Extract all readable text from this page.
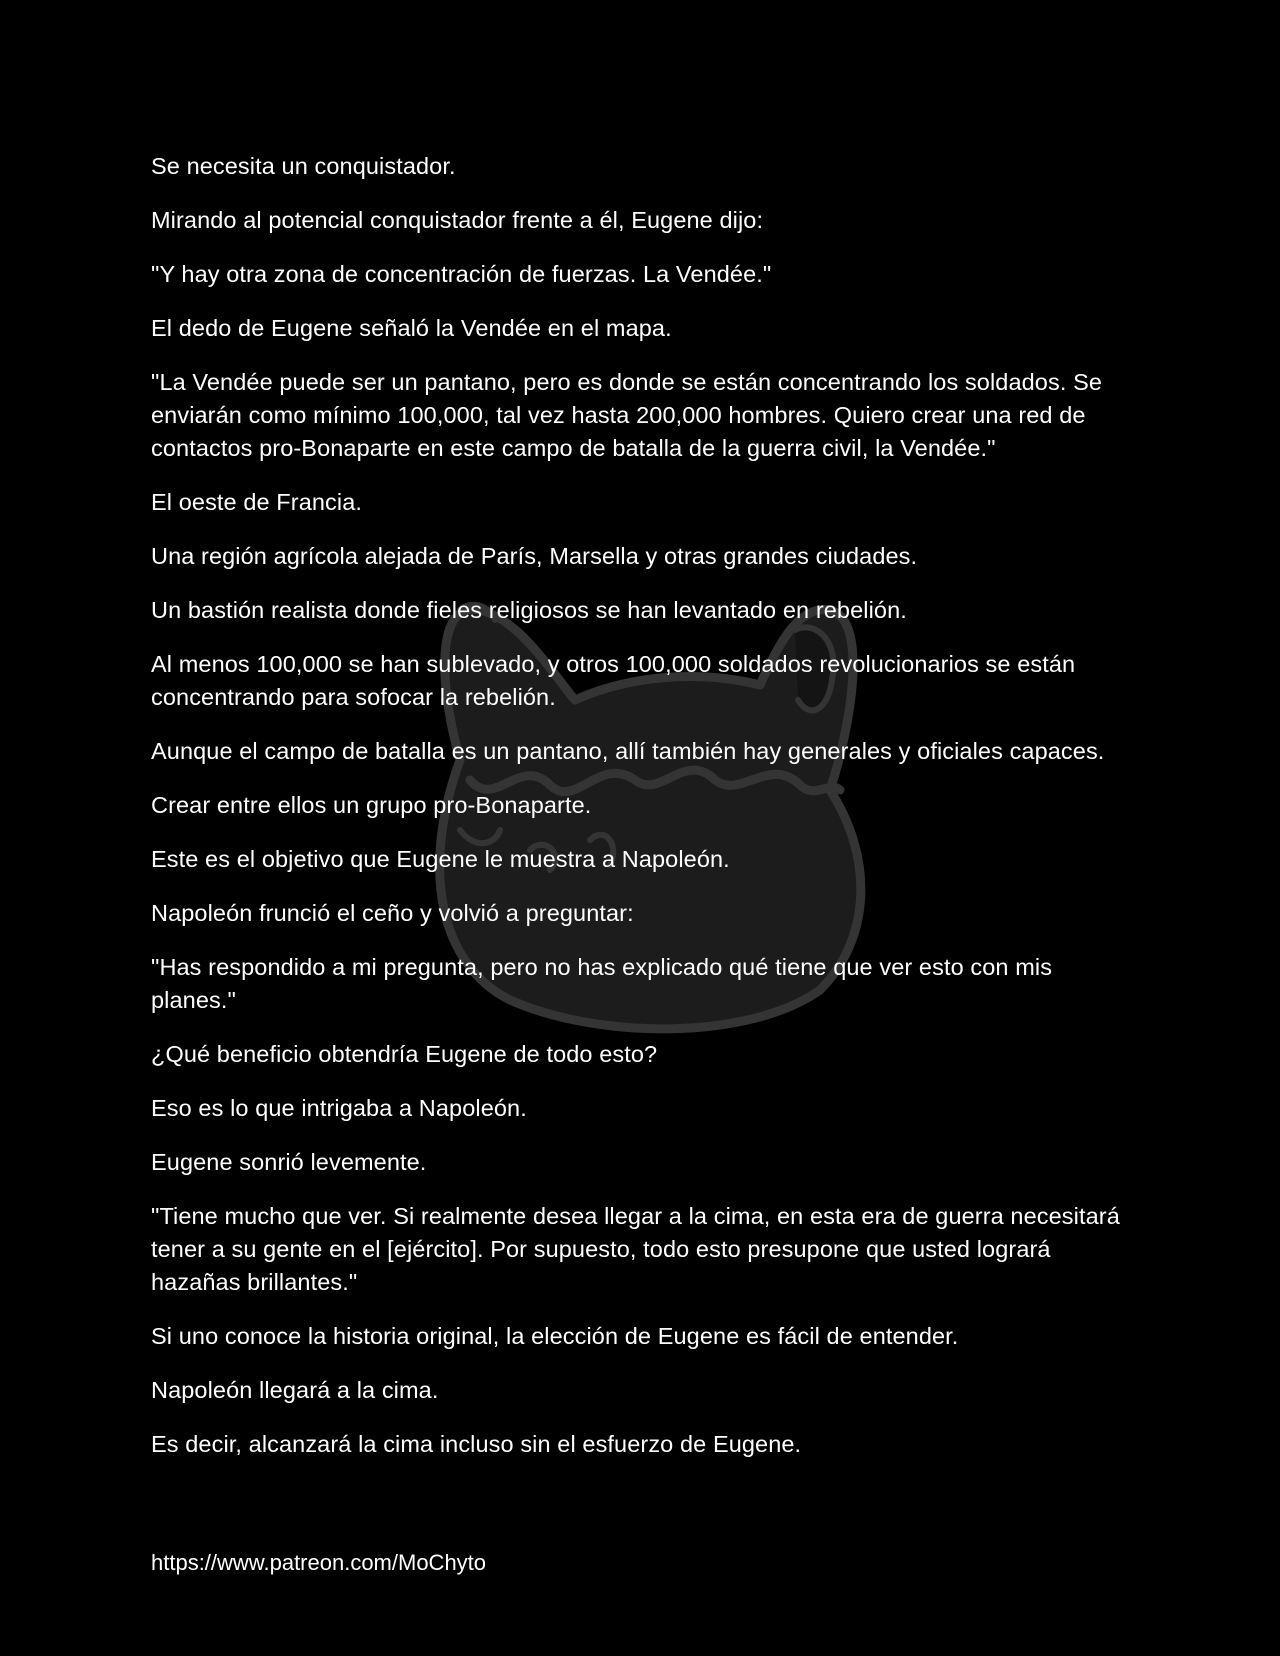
Se necesita un conquistador.

Mirando al potencial conquistador frente a él, Eugene dijo:

"Y hay otra zona de concentración de fuerzas. La Vendée."

El dedo de Eugene señaló la Vendée en el mapa.

"La Vendée puede ser un pantano, pero es donde se están concentrando los soldados. Se enviarán como mínimo 100,000, tal vez hasta 200,000 hombres. Quiero crear una red de contactos pro-Bonaparte en este campo de batalla de la guerra civil, la Vendée."

El oeste de Francia.

Una región agrícola alejada de París, Marsella y otras grandes ciudades.

Un bastión realista donde fieles religiosos se han levantado en rebelión.

Al menos 100,000 se han sublevado, y otros 100,000 soldados revolucionarios se están concentrando para sofocar la rebelión.

Aunque el campo de batalla es un pantano, allí también hay generales y oficiales capaces.

Crear entre ellos un grupo pro-Bonaparte.

Este es el objetivo que Eugene le muestra a Napoleón.

Napoleón frunció el ceño y volvió a preguntar:

"Has respondido a mi pregunta, pero no has explicado qué tiene que ver esto con mis planes."

¿Qué beneficio obtendría Eugene de todo esto?

Eso es lo que intrigaba a Napoleón.

Eugene sonrió levemente.

"Tiene mucho que ver. Si realmente desea llegar a la cima, en esta era de guerra necesitará tener a su gente en el [ejército]. Por supuesto, todo esto presupone que usted logrará hazañas brillantes."

Si uno conoce la historia original, la elección de Eugene es fácil de entender.

Napoleón llegará a la cima.

Es decir, alcanzará la cima incluso sin el esfuerzo de Eugene.

https://www.patreon.com/MoChyto
